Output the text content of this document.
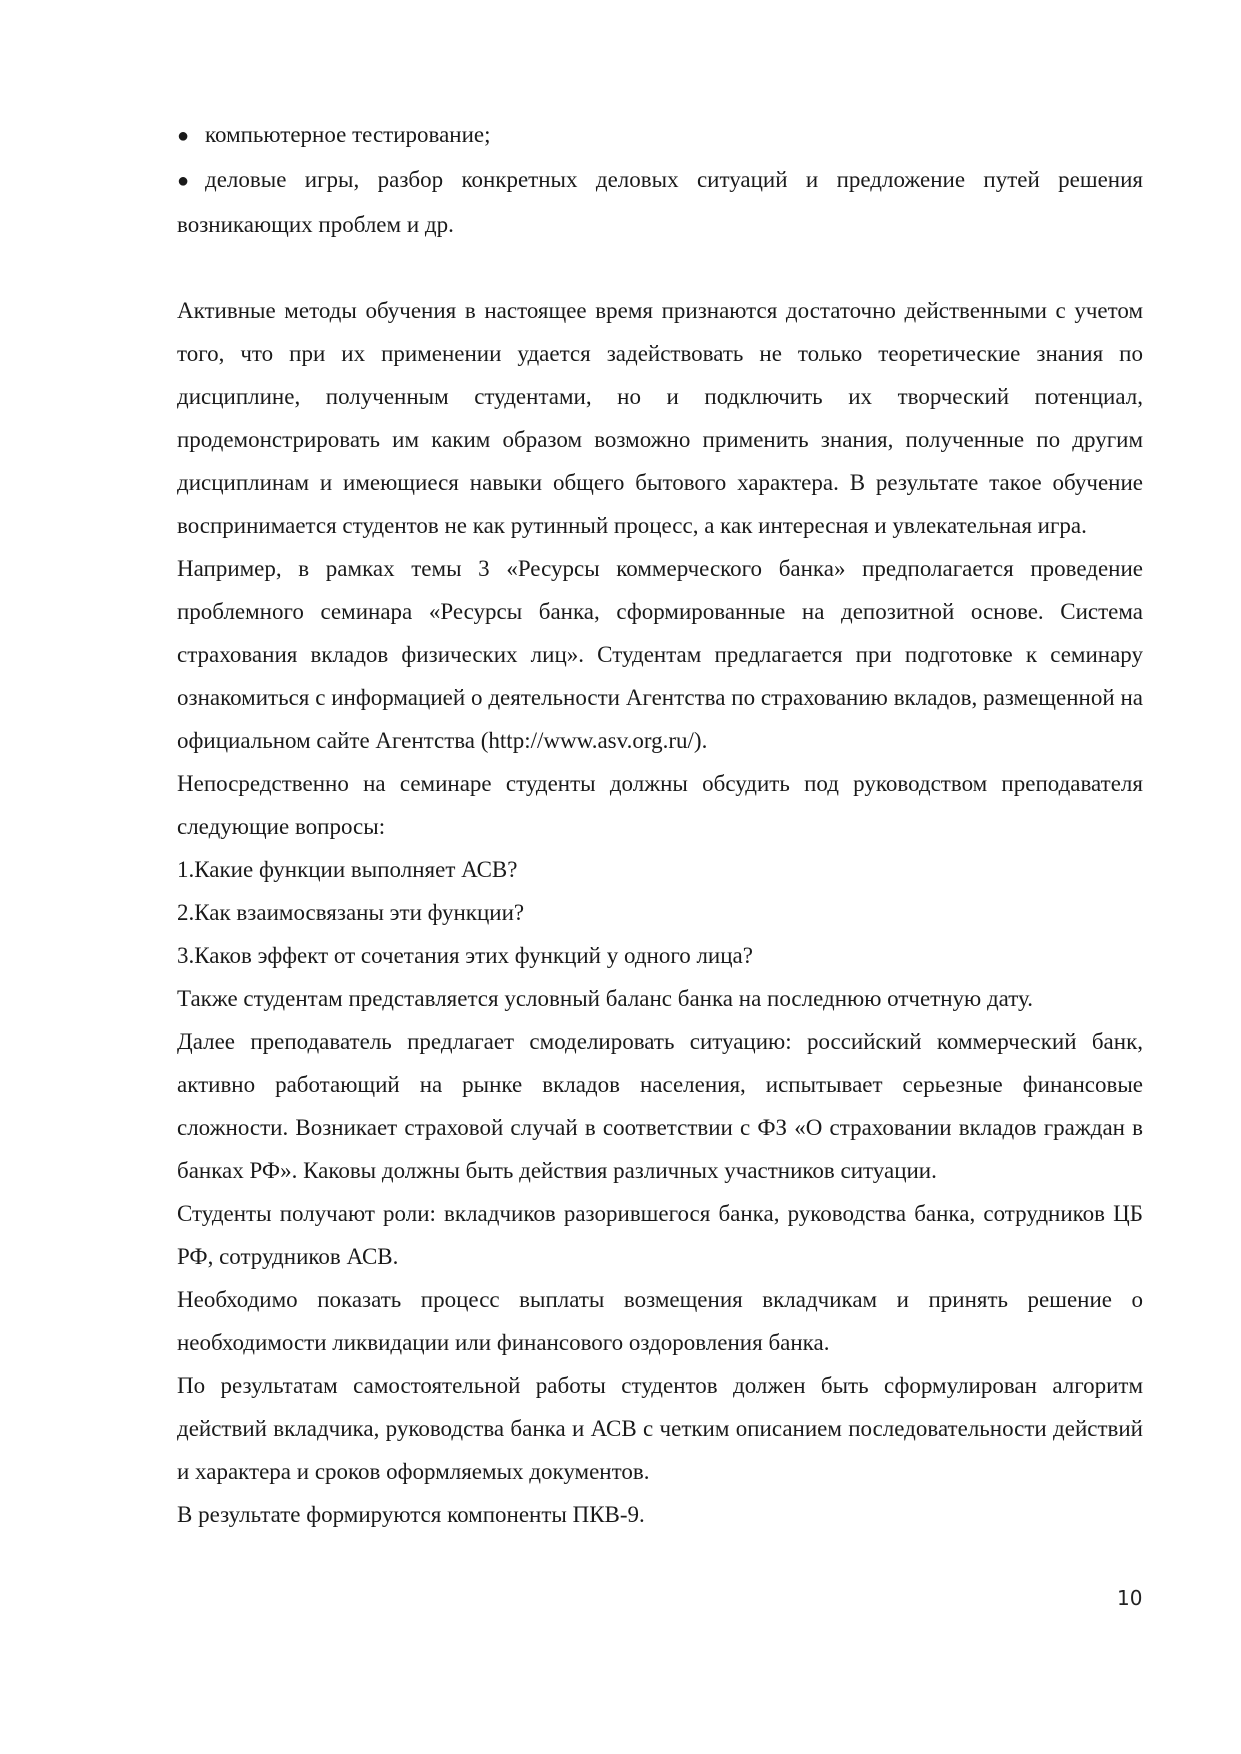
● компьютерное тестирование;

● деловые игры, разбор конкретных деловых ситуаций и предложение путей решения возникающих проблем и др.

Активные методы обучения в настоящее время признаются достаточно действенными с учетом того, что при их применении удается задействовать не только теоретические знания по дисциплине, полученным студентами, но и подключить их творческий потенциал, продемонстрировать им каким образом возможно применить знания, полученные по другим дисциплинам и имеющиеся навыки общего бытового характера. В результате такое обучение воспринимается студентов не как рутинный процесс, а как интересная и увлекательная игра.

Например, в рамках темы 3 «Ресурсы коммерческого банка» предполагается проведение проблемного семинара «Ресурсы банка, сформированные на депозитной основе. Система страхования вкладов физических лиц». Студентам предлагается при подготовке к семинару ознакомиться с информацией о деятельности Агентства по страхованию вкладов, размещенной на официальном сайте Агентства (http://www.asv.org.ru/).

Непосредственно на семинаре студенты должны обсудить под руководством преподавателя следующие вопросы:

1.Какие функции выполняет АСВ?

2.Как взаимосвязаны эти функции?

3.Каков эффект от сочетания этих функций у одного лица?

Также студентам представляется условный баланс банка на последнюю отчетную дату.

Далее преподаватель предлагает смоделировать ситуацию: российский коммерческий банк, активно работающий на рынке вкладов населения, испытывает серьезные финансовые сложности. Возникает страховой случай в соответствии с ФЗ «О страховании вкладов граждан в банках РФ». Каковы должны быть действия различных участников ситуации.

Студенты получают роли: вкладчиков разорившегося банка, руководства банка, сотрудников ЦБ РФ, сотрудников АСВ.

Необходимо показать процесс выплаты возмещения вкладчикам и принять решение о необходимости ликвидации или финансового оздоровления банка.

По результатам самостоятельной работы студентов должен быть сформулирован алгоритм действий вкладчика, руководства банка и АСВ с четким описанием последовательности действий и характера и сроков оформляемых документов.

В результате формируются компоненты ПКВ-9.

10
